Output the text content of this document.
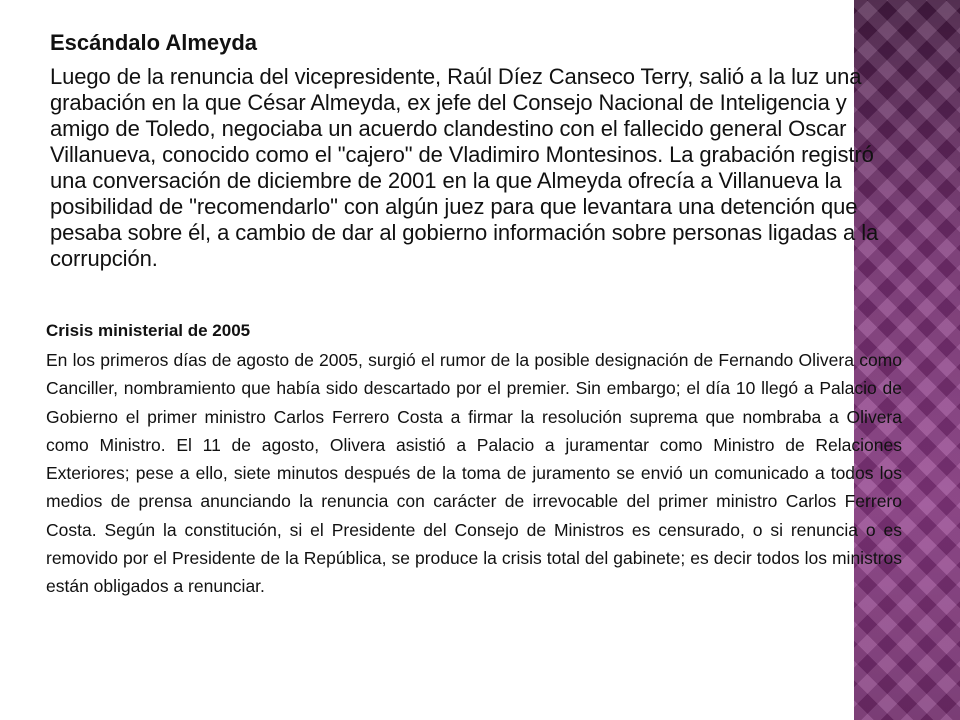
Escándalo Almeyda

Luego de la renuncia del vicepresidente, Raúl Díez Canseco Terry, salió a la luz una grabación en la que César Almeyda, ex jefe del Consejo Nacional de Inteligencia y amigo de Toledo, negociaba un acuerdo clandestino con el fallecido general Oscar Villanueva, conocido como el "cajero" de Vladimiro Montesinos. La grabación registró una conversación de diciembre de 2001 en la que Almeyda ofrecía a Villanueva la posibilidad de "recomendarlo" con algún juez para que levantara una detención que pesaba sobre él, a cambio de dar al gobierno información sobre personas ligadas a la corrupción.

Crisis ministerial de 2005

En los primeros días de agosto de 2005, surgió el rumor de la posible designación de Fernando Olivera como Canciller, nombramiento que había sido descartado por el premier. Sin embargo; el día 10 llegó a Palacio de Gobierno el primer ministro Carlos Ferrero Costa a firmar la resolución suprema que nombraba a Olivera como Ministro. El 11 de agosto, Olivera asistió a Palacio a juramentar como Ministro de Relaciones Exteriores; pese a ello, siete minutos después de la toma de juramento se envió un comunicado a todos los medios de prensa anunciando la renuncia con carácter de irrevocable del primer ministro Carlos Ferrero Costa. Según la constitución, si el Presidente del Consejo de Ministros es censurado, o si renuncia o es removido por el Presidente de la República, se produce la crisis total del gabinete; es decir todos los ministros están obligados a renunciar.
